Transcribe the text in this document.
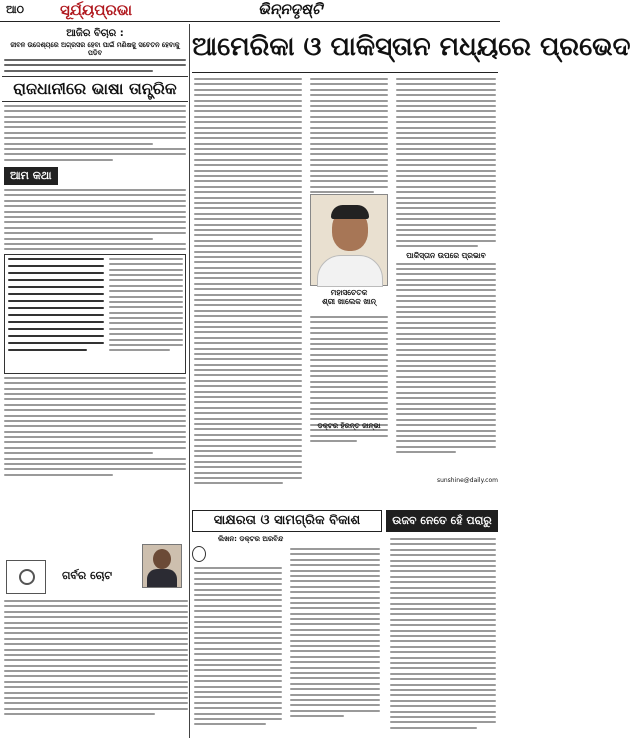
ଆଠ ସୂର୍ଯ୍ୟପ୍ରଭା	ଭିନ୍ନଦୃଷ୍ଟି
ଆଜିର ବିଚାର :
ଜୀବନ ଉଦ୍ଦେଶ୍ୟରେ ଅଗ୍ରସର ହେବା ପାଇଁ ମଣିଷକୁ ସଚେତନ ହେବାକୁ ପଡିବ
ରାଜଧାନୀରେ ଭାଷା ତାନ୍ତ୍ରିକ
ଆମ କଥା
ଗର୍ବର ଚୋଟ
ଆମେରିକା ଓ ପାକିସ୍ତାନ ମଧ୍ୟରେ ପ୍ରଭେଦ
ମହାସଚେତକ
ଶ୍ରୀ ଖାଲେକ ଖାନ୍
ଡକ୍ଟର ହିରନ୍ତ ଜାନ୍ଭା
ପାକିସ୍ତାନ ଉପରେ ପ୍ରଭାବ
sunshine@daily.com
ସାକ୍ଷରତା ଓ ସାମଗ୍ରିକ ବିକାଶ
ଲିଖନ: ଡକ୍ଟର ଅରବିନ୍ଦ
ଉଜବ ନେତେ ହେଁ ପରାରୁ
